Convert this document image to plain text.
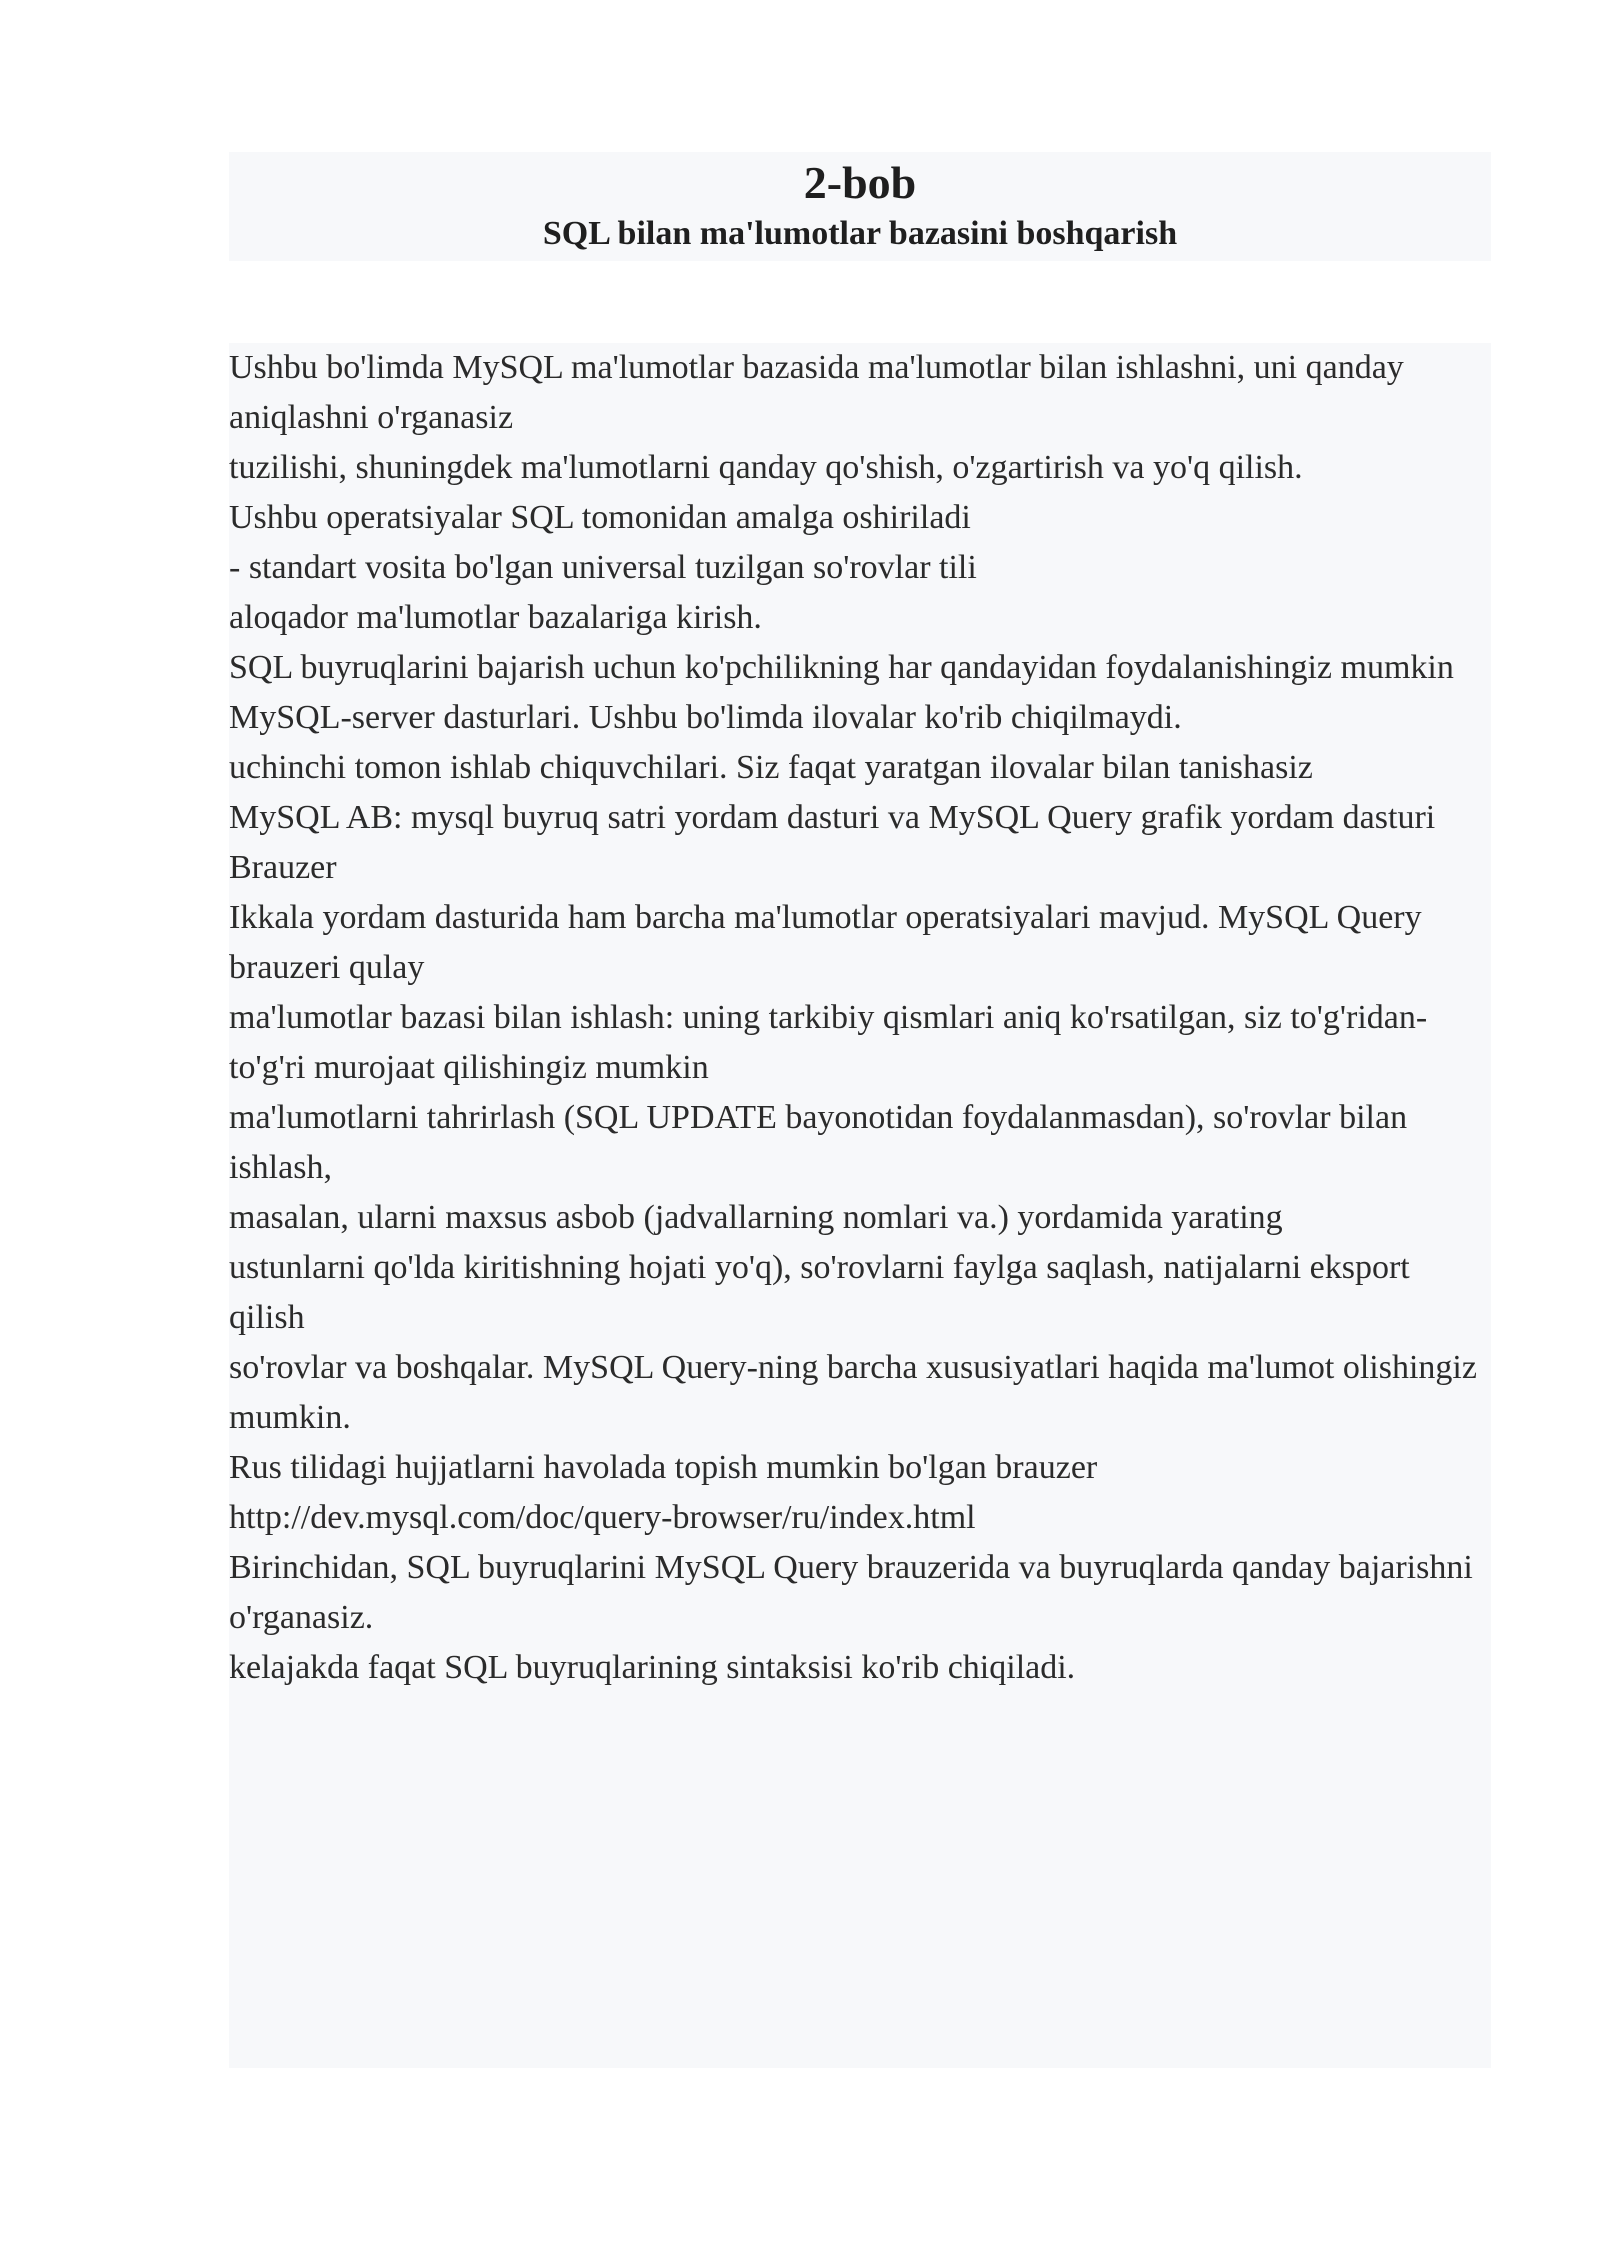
2-bob
SQL bilan ma'lumotlar bazasini boshqarish

Ushbu bo'limda MySQL ma'lumotlar bazasida ma'lumotlar bilan ishlashni, uni qanday aniqlashni o'rganasiz

tuzilishi, shuningdek ma'lumotlarni qanday qo'shish, o'zgartirish va yo'q qilish.

Ushbu operatsiyalar SQL tomonidan amalga oshiriladi

- standart vosita bo'lgan universal tuzilgan so'rovlar tili

aloqador ma'lumotlar bazalariga kirish.

SQL buyruqlarini bajarish uchun ko'pchilikning har qandayidan foydalanishingiz mumkin

MySQL-server dasturlari. Ushbu bo'limda ilovalar ko'rib chiqilmaydi.

uchinchi tomon ishlab chiquvchilari. Siz faqat yaratgan ilovalar bilan tanishasiz

MySQL AB: mysql buyruq satri yordam dasturi va MySQL Query grafik yordam dasturi

Brauzer

Ikkala yordam dasturida ham barcha ma'lumotlar operatsiyalari mavjud. MySQL Query brauzeri qulay

ma'lumotlar bazasi bilan ishlash: uning tarkibiy qismlari aniq ko'rsatilgan, siz to'g'ridan-to'g'ri murojaat qilishingiz mumkin

ma'lumotlarni tahrirlash (SQL UPDATE bayonotidan foydalanmasdan), so'rovlar bilan ishlash,

masalan, ularni maxsus asbob (jadvallarning nomlari va.) yordamida yarating

ustunlarni qo'lda kiritishning hojati yo'q), so'rovlarni faylga saqlash, natijalarni eksport qilish

so'rovlar va boshqalar. MySQL Query-ning barcha xususiyatlari haqida ma'lumot olishingiz mumkin.

Rus tilidagi hujjatlarni havolada topish mumkin bo'lgan brauzer

http://dev.mysql.com/doc/query-browser/ru/index.html

Birinchidan, SQL buyruqlarini MySQL Query brauzerida va buyruqlarda qanday bajarishni o'rganasiz.

kelajakda faqat SQL buyruqlarining sintaksisi ko'rib chiqiladi.
